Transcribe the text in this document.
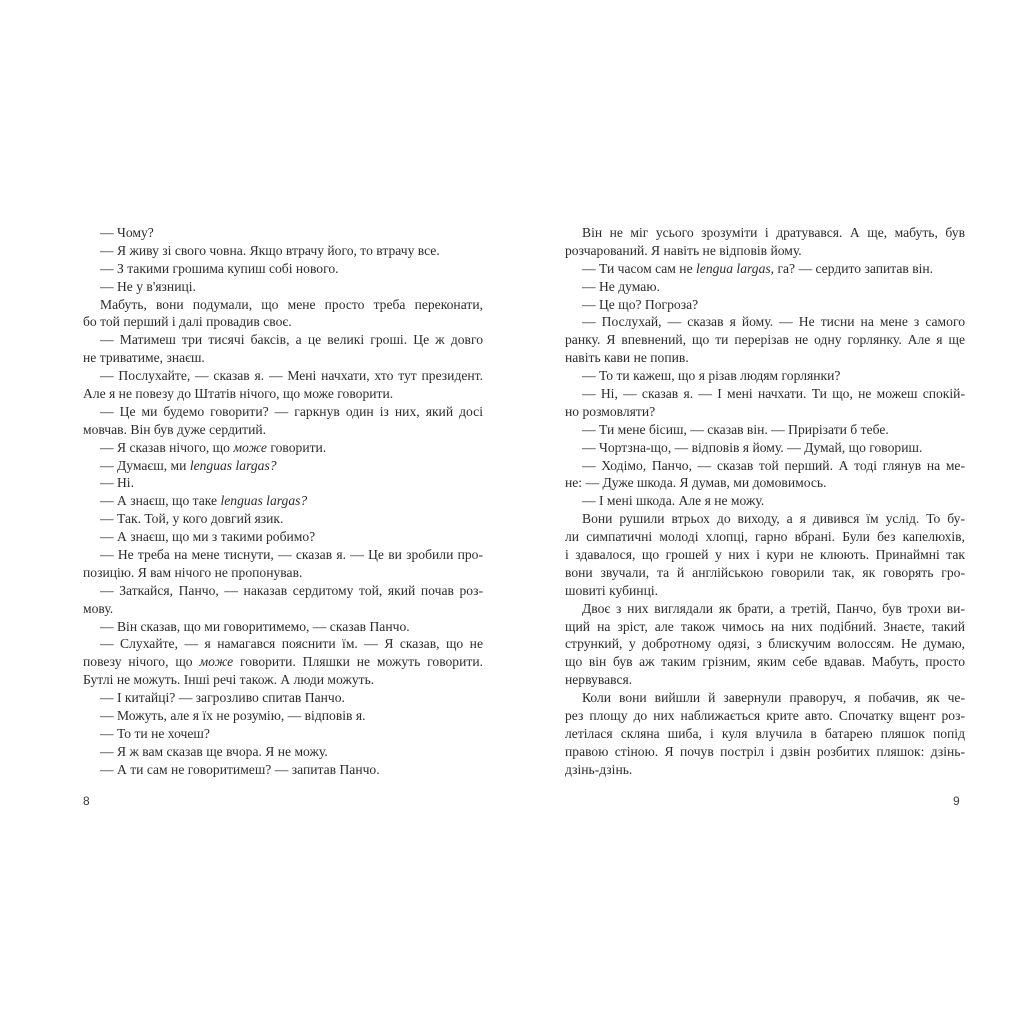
— Чому?
— Я живу зі свого човна. Якщо втрачу його, то втрачу все.
— З такими грошима купиш собі нового.
— Не у в'язниці.
Мабуть, вони подумали, що мене просто треба переконати,
бо той перший і далі провадив своє.
— Матимеш три тисячі баксів, а це великі гроші. Це ж довго
не триватиме, знаєш.
— Послухайте, — сказав я. — Мені начхати, хто тут президент.
Але я не повезу до Штатів нічого, що може говорити.
— Це ми будемо говорити? — гаркнув один із них, який досі
мовчав. Він був дуже сердитий.
— Я сказав нічого, що може говорити.
— Думаєш, ми lenguas largas?
— Ні.
— А знаєш, що таке lenguas largas?
— Так. Той, у кого довгий язик.
— А знаєш, що ми з такими робимо?
— Не треба на мене тиснути, — сказав я. — Це ви зробили про-
позицію. Я вам нічого не пропонував.
— Заткайся, Панчо, — наказав сердитому той, який почав роз-
мову.
— Він сказав, що ми говоритимемо, — сказав Панчо.
— Слухайте, — я намагався пояснити їм. — Я сказав, що не
повезу нічого, що може говорити. Пляшки не можуть говорити.
Бутлі не можуть. Інші речі також. А люди можуть.
— І китайці? — загрозливо спитав Панчо.
— Можуть, але я їх не розумію, — відповів я.
— То ти не хочеш?
— Я ж вам сказав ще вчора. Я не можу.
— А ти сам не говоритимеш? — запитав Панчо.
Він не міг усього зрозуміти і дратувався. А ще, мабуть, був
розчарований. Я навіть не відповів йому.
— Ти часом сам не lengua largas, га? — сердито запитав він.
— Не думаю.
— Це що? Погроза?
— Послухай, — сказав я йому. — Не тисни на мене з самого
ранку. Я впевнений, що ти перерізав не одну горлянку. Але я ще
навіть кави не попив.
— То ти кажеш, що я різав людям горлянки?
— Ні, — сказав я. — І мені начхати. Ти що, не можеш спокій-
но розмовляти?
— Ти мене бісиш, — сказав він. — Прирізати б тебе.
— Чортзна-що, — відповів я йому. — Думай, що говориш.
— Ходімо, Панчо, — сказав той перший. А тоді глянув на ме-
не: — Дуже шкода. Я думав, ми домовимось.
— І мені шкода. Але я не можу.
Вони рушили втрьох до виходу, а я дивився їм услід. То бу-
ли симпатичні молоді хлопці, гарно вбрані. Були без капелюхів,
і здавалося, що грошей у них і кури не клюють. Принаймні так
вони звучали, та й англійською говорили так, як говорять гро-
шовиті кубинці.
Двоє з них виглядали як брати, а третій, Панчо, був трохи ви-
щий на зріст, але також чимось на них подібний. Знаєте, такий
стрункий, у добротному одязі, з блискучим волоссям. Не думаю,
що він був аж таким грізним, яким себе вдавав. Мабуть, просто
нервувався.
Коли вони вийшли й завернули праворуч, я побачив, як че-
рез площу до них наближається крите авто. Спочатку вщент роз-
летілася скляна шиба, і куля влучила в батарею пляшок попід
правою стіною. Я почув постріл і дзвін розбитих пляшок: дзінь-
дзінь-дзінь.
8	9
